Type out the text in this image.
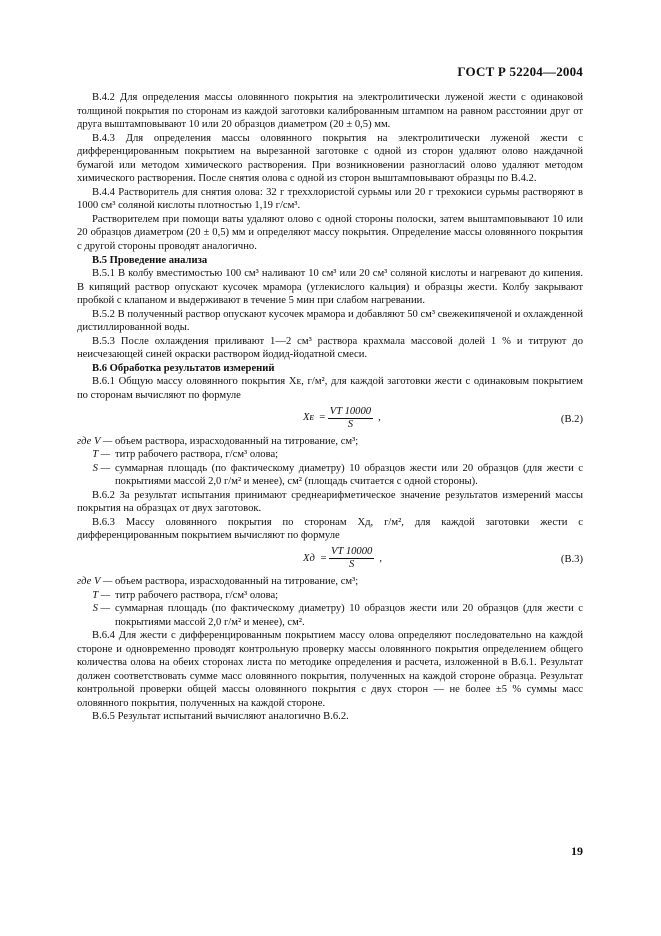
ГОСТ Р 52204—2004

B.4.2 Для определения массы оловянного покрытия на электролитически луженой жести с одинаковой толщиной покрытия по сторонам из каждой заготовки калиброванным штампом на равном расстоянии друг от друга выштамповывают 10 или 20 образцов диаметром (20 ± 0,5) мм.

B.4.3 Для определения массы оловянного покрытия на электролитически луженой жести с дифференцированным покрытием на вырезанной заготовке с одной из сторон удаляют олово наждачной бумагой или методом химического растворения. При возникновении разногласий олово удаляют методом химического растворения. После снятия олова с одной из сторон выштамповывают образцы по B.4.2.

B.4.4 Растворитель для снятия олова: 32 г треххлористой сурьмы или 20 г трехокиси сурьмы растворяют в 1000 см³ соляной кислоты плотностью 1,19 г/см³.

Растворителем при помощи ваты удаляют олово с одной стороны полоски, затем выштамповывают 10 или 20 образцов диаметром (20 ± 0,5) мм и определяют массу покрытия. Определение массы оловянного покрытия с другой стороны проводят аналогично.

B.5 Проведение анализа

B.5.1 В колбу вместимостью 100 см³ наливают 10 см³ или 20 см³ соляной кислоты и нагревают до кипения. В кипящий раствор опускают кусочек мрамора (углекислого кальция) и образцы жести. Колбу закрывают пробкой с клапаном и выдерживают в течение 5 мин при слабом нагревании.

B.5.2 В полученный раствор опускают кусочек мрамора и добавляют 50 см³ свежекипяченой и охлажденной дистиллированной воды.

B.5.3 После охлаждения приливают 1—2 см³ раствора крахмала массовой долей 1 % и титруют до неисчезающей синей окраски раствором йодид-йодатной смеси.

B.6 Обработка результатов измерений

B.6.1 Общую массу оловянного покрытия Xᴇ, г/м², для каждой заготовки жести с одинаковым покрытием по сторонам вычисляют по формуле

Xᴇ = $\frac{VT 10000}{S}$ ,	(B.2)
где V — объем раствора, израсходованный на титрование, см³;
T — титр рабочего раствора, г/см³ олова;
S — суммарная площадь (по фактическому диаметру) 10 образцов жести или 20 образцов (для жести с покрытиями массой 2,0 г/м² и менее), см² (площадь считается с одной стороны).

B.6.2 За результат испытания принимают среднеарифметическое значение результатов измерений массы покрытия на образцах от двух заготовок.

B.6.3 Массу оловянного покрытия по сторонам Xд, г/м², для каждой заготовки жести с дифференцированным покрытием вычисляют по формуле

Xд = $\frac{VT 10000}{S}$ ,	(B.3)
где V — объем раствора, израсходованный на титрование, см³;
T — титр рабочего раствора, г/см³ олова;
S — суммарная площадь (по фактическому диаметру) 10 образцов жести или 20 образцов (для жести с покрытиями массой 2,0 г/м² и менее), см².

B.6.4 Для жести с дифференцированным покрытием массу олова определяют последовательно на каждой стороне и одновременно проводят контрольную проверку массы оловянного покрытия определением общего количества олова на обеих сторонах листа по методике определения и расчета, изложенной в B.6.1. Результат должен соответствовать сумме масс оловянного покрытия, полученных на каждой стороне образца. Результат контрольной проверки общей массы оловянного покрытия с двух сторон — не более ±5 % суммы масс оловянного покрытия, полученных на каждой стороне.

B.6.5 Результат испытаний вычисляют аналогично B.6.2.

19
